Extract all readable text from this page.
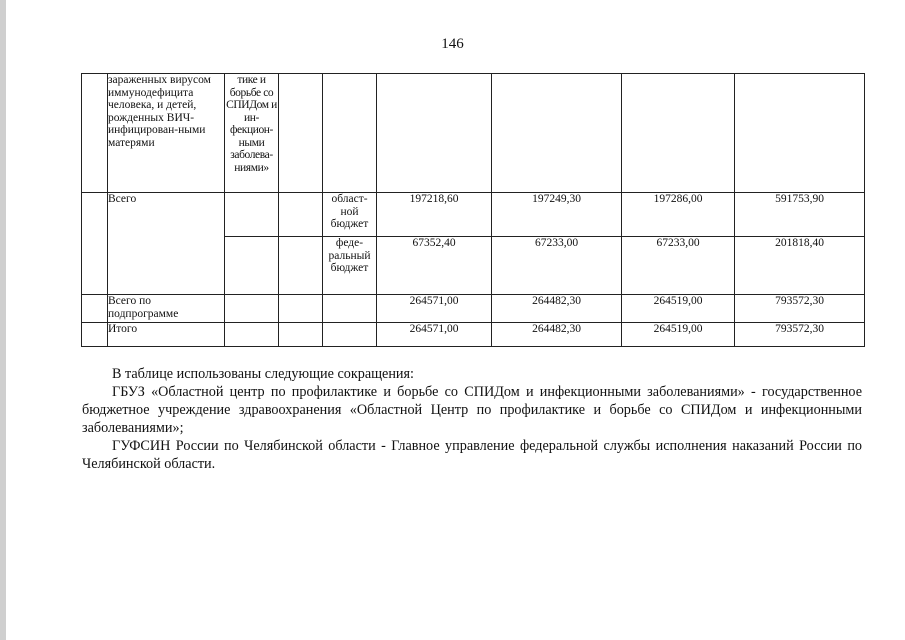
146
	зараженных вирусом иммунодефицита человека, и детей, рожденных ВИЧ-инфицирован-ными матерями	тике и борьбе со СПИДом и ин-фекцион-ными заболева-ниями»						
	Всего			област-ной бюджет	197218,60	197249,30	197286,00	591753,90
				феде-ральный бюджет	67352,40	67233,00	67233,00	201818,40
	Всего по подпрограмме				264571,00	264482,30	264519,00	793572,30
	Итого				264571,00	264482,30	264519,00	793572,30

В таблице использованы следующие сокращения:

ГБУЗ «Областной центр по профилактике и борьбе со СПИДом и инфекционными заболеваниями» - государственное бюджетное учреждение здравоохранения «Областной Центр по профилактике и борьбе со СПИДом и инфекционными заболеваниями»;

ГУФСИН России по Челябинской области - Главное управление федеральной службы исполнения наказаний России по Челябинской области.
